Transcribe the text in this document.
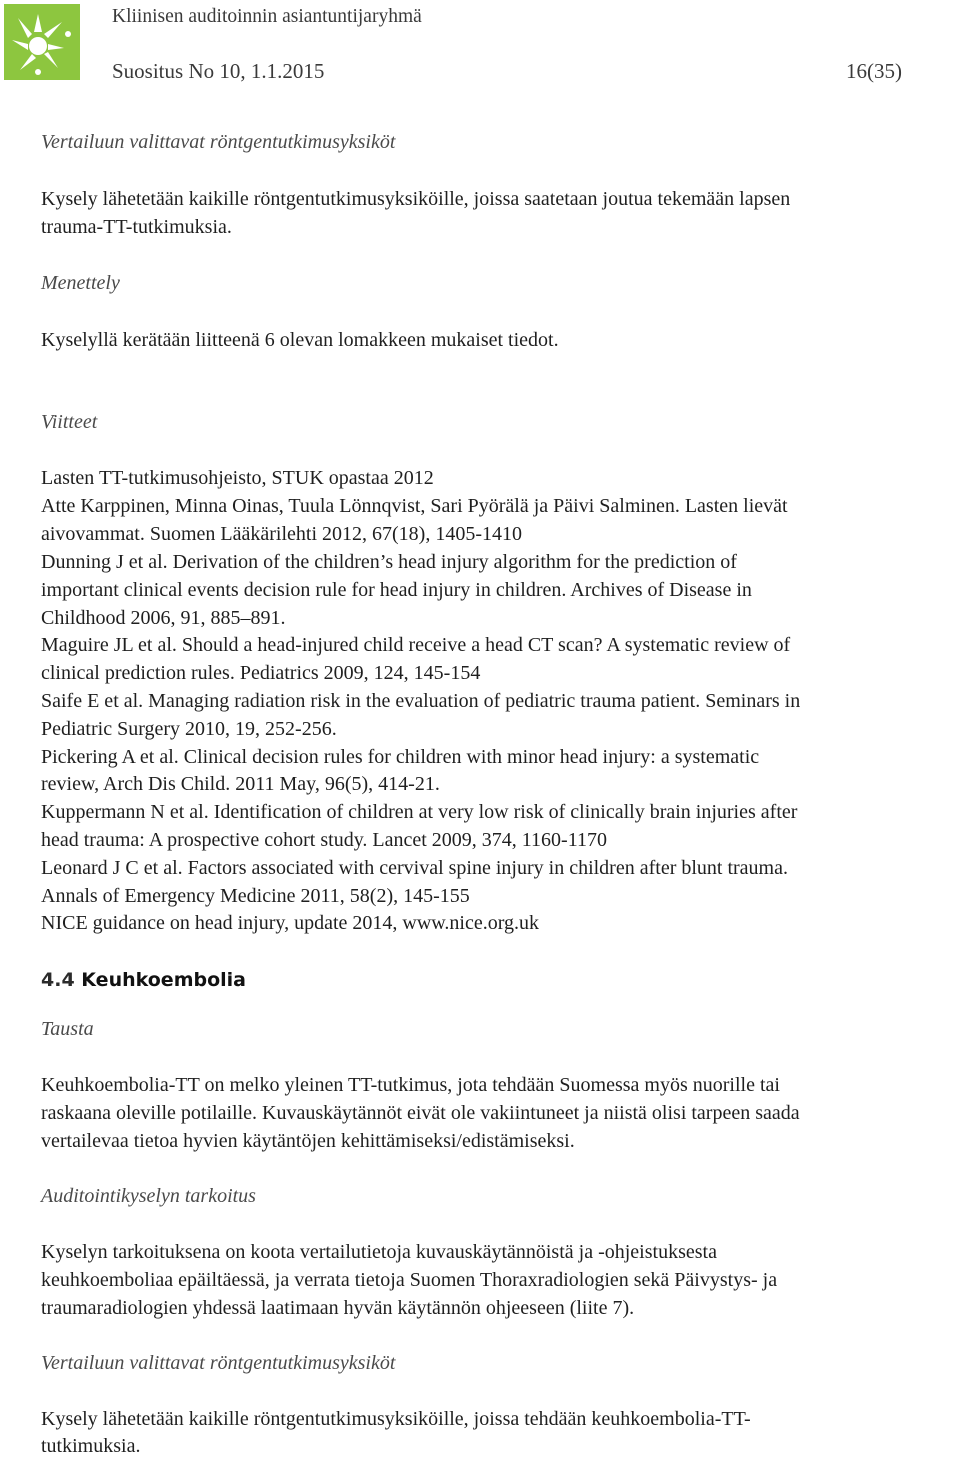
Kliinisen auditoinnin asiantuntijaryhmä
Suositus No 10, 1.1.2015	16(35)
Vertailuun valittavat röntgentutkimusyksiköt
Kysely lähetetään kaikille röntgentutkimusyksiköille, joissa saatetaan joutua tekemään lapsen
trauma-TT-tutkimuksia.
Menettely
Kyselyllä kerätään liitteenä 6 olevan lomakkeen mukaiset tiedot.
Viitteet
Lasten TT-tutkimusohjeisto, STUK opastaa 2012
Atte Karppinen, Minna Oinas, Tuula Lönnqvist, Sari Pyörälä ja Päivi Salminen. Lasten lievät
aivovammat. Suomen Lääkärilehti 2012, 67(18), 1405-1410
Dunning J et al. Derivation of the children’s head injury algorithm for the prediction of
important clinical events decision rule for head injury in children. Archives of Disease in
Childhood 2006, 91, 885–891.
Maguire JL et al. Should a head-injured child receive a head CT scan? A systematic review of
clinical prediction rules. Pediatrics 2009, 124, 145-154
Saife E et al. Managing radiation risk in the evaluation of pediatric trauma patient. Seminars in
Pediatric Surgery 2010, 19, 252-256.
Pickering A et al. Clinical decision rules for children with minor head injury: a systematic
review, Arch Dis Child. 2011 May, 96(5), 414-21.
Kuppermann N et al. Identification of children at very low risk of clinically brain injuries after
head trauma: A prospective cohort study. Lancet 2009, 374, 1160-1170
Leonard J C et al. Factors associated with cervival spine injury in children after blunt trauma.
Annals of Emergency Medicine 2011, 58(2), 145-155
NICE guidance on head injury, update 2014, www.nice.org.uk
4.4 Keuhkoembolia
Tausta
Keuhkoembolia-TT on melko yleinen TT-tutkimus, jota tehdään Suomessa myös nuorille tai
raskaana oleville potilaille. Kuvauskäytännöt eivät ole vakiintuneet ja niistä olisi tarpeen saada
vertailevaa tietoa hyvien käytäntöjen kehittämiseksi/edistämiseksi.
Auditointikyselyn tarkoitus
Kyselyn tarkoituksena on koota vertailutietoja kuvauskäytännöistä ja -ohjeistuksesta
keuhkoemboliaa epäiltäessä, ja verrata tietoja Suomen Thoraxradiologien sekä Päivystys- ja
traumaradiologien yhdessä laatimaan hyvän käytännön ohjeeseen (liite 7).
Vertailuun valittavat röntgentutkimusyksiköt
Kysely lähetetään kaikille röntgentutkimusyksiköille, joissa tehdään keuhkoembolia-TT-
tutkimuksia.
